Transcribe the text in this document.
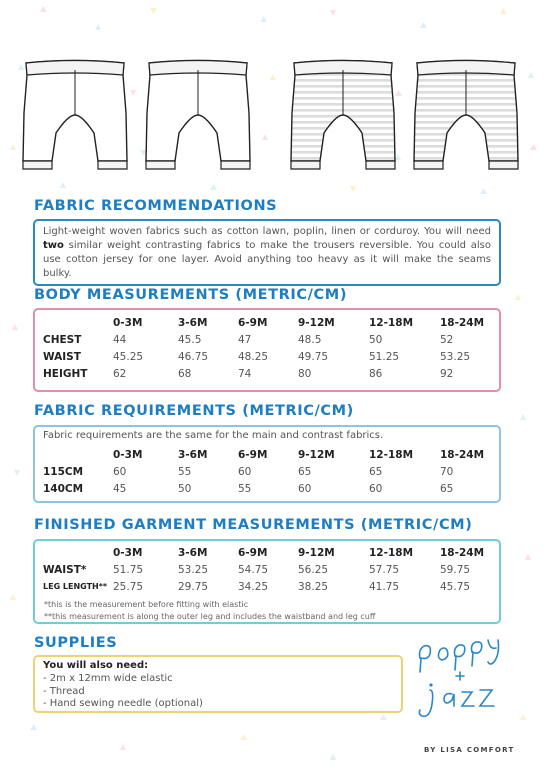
FABRIC RECOMMENDATIONS

Light-weight woven fabrics such as cotton lawn, poplin, linen or corduroy. You will need two similar weight contrasting fabrics to make the trousers reversible. You could also use cotton jersey for one layer. Avoid anything too heavy as it will make the seams bulky.

BODY MEASUREMENTS (METRIC/CM)
	0-3M	3-6M	6-9M	9-12M	12-18M	18-24M
CHEST	44	45.5	47	48.5	50	52
WAIST	45.25	46.75	48.25	49.75	51.25	53.25
HEIGHT	62	68	74	80	86	92
FABRIC REQUIREMENTS (METRIC/CM)
Fabric requirements are the same for the main and contrast fabrics.
	0-3M	3-6M	6-9M	9-12M	12-18M	18-24M
115CM	60	55	60	65	65	70
140CM	45	50	55	60	60	65
FINISHED GARMENT MEASUREMENTS (METRIC/CM)
	0-3M	3-6M	6-9M	9-12M	12-18M	18-24M
WAIST*	51.75	53.25	54.75	56.25	57.75	59.75
LEG LENGTH**	25.75	29.75	34.25	38.25	41.75	45.75
*this is the measurement before fitting with elastic
**this measurement is along the outer leg and includes the waistband and leg cuff
SUPPLIES
You will also need:
- 2m x 12mm wide elastic
- Thread
- Hand sewing needle (optional)
BY LISA COMFORT
